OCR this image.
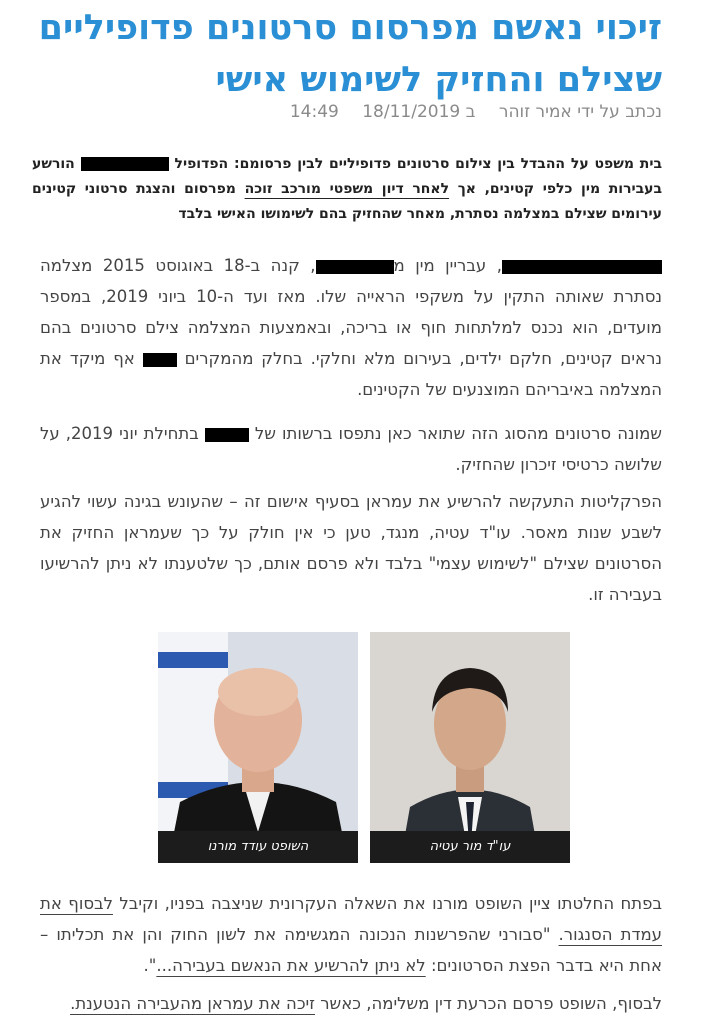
זיכוי נאשם מפרסום סרטונים פדופיליים שצילם והחזיק לשימוש אישי
נכתב על ידי אמיר זוהר ב 18/11/2019 14:49
בית משפט על ההבדל בין צילום סרטונים פדופיליים לבין פרסומם: הפדופיל  הורשע בעבירות מין כלפי קטינים, אך לאחר דיון משפטי מורכב זוכה מפרסום והצגת סרטוני קטינים עירומים שצילם במצלמה נסתרת, מאחר שהחזיק בהם לשימושו האישי בלבד

, עבריין מין מ, קנה ב-18 באוגוסט 2015 מצלמה נסתרת שאותה התקין על משקפי הראייה שלו. מאז ועד ה-10 ביוני 2019, במספר מועדים, הוא נכנס למלתחות חוף או בריכה, ובאמצעות המצלמה צילם סרטונים בהם נראים קטינים, חלקם ילדים, בעירום מלא וחלקי. בחלק מהמקרים  אף מיקד את המצלמה באיבריהם המוצנעים של הקטינים.

שמונה סרטונים מהסוג הזה שתואר כאן נתפסו ברשותו של  בתחילת יוני 2019, על שלושה כרטיסי זיכרון שהחזיק.

הפרקליטות התעקשה להרשיע את עמראן בסעיף אישום זה – שהעונש בגינה עשוי להגיע לשבע שנות מאסר. עו"ד עטיה, מנגד, טען כי אין חולק על כך שעמראן החזיק את הסרטונים שצילם "לשימוש עצמי" בלבד ולא פרסם אותם, כך שלטענתו לא ניתן להרשיעו בעבירה זו.

עו"ד מור עטיה
השופט עודד מורנו

בפתח החלטתו ציין השופט מורנו את השאלה העקרונית שניצבה בפניו, וקיבל לבסוף את עמדת הסנגור. "סבורני שהפרשנות הנכונה המגשימה את לשון החוק והן את תכליתו – אחת היא בדבר הפצת הסרטונים: לא ניתן להרשיע את הנאשם בעבירה...".

לבסוף, השופט פרסם הכרעת דין משלימה, כאשר זיכה את עמראן מהעבירה הנטענת.
